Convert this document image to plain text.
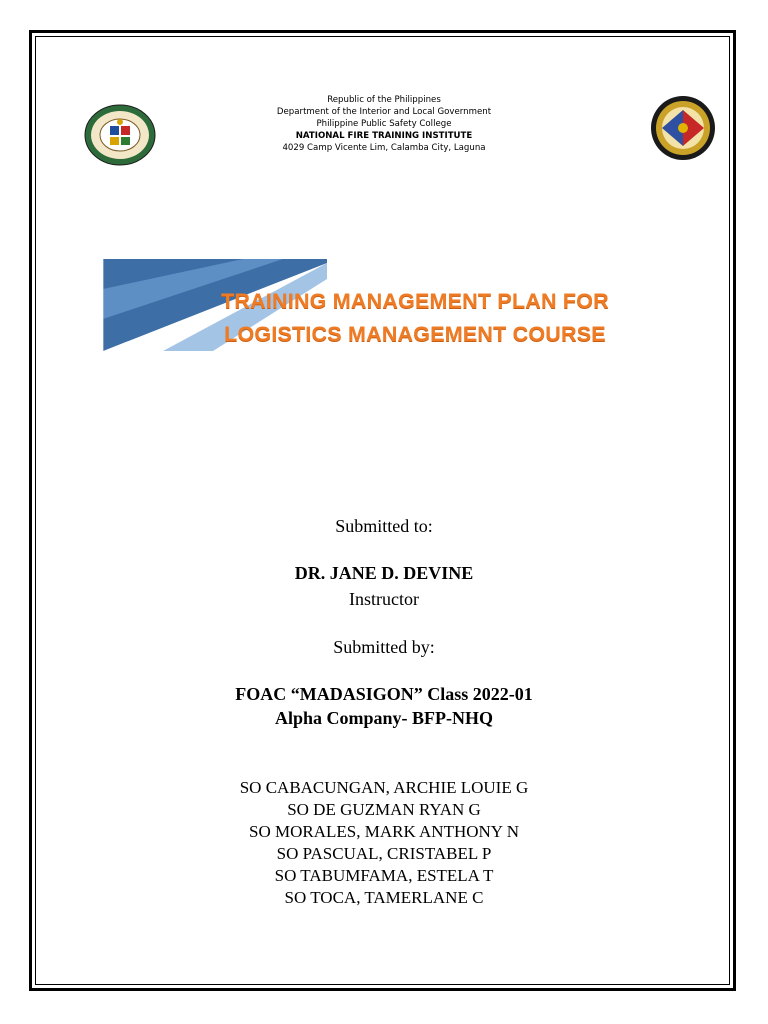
Republic of the Philippines
Department of the Interior and Local Government
Philippine Public Safety College
NATIONAL FIRE TRAINING INSTITUTE
4029 Camp Vicente Lim, Calamba City, Laguna
TRAINING MANAGEMENT PLAN FOR
LOGISTICS MANAGEMENT COURSE
Submitted to:
DR. JANE D. DEVINE
Instructor
Submitted by:
FOAC “MADASIGON” Class 2022-01
Alpha Company- BFP-NHQ
SO CABACUNGAN, ARCHIE LOUIE G
SO DE GUZMAN RYAN G
SO MORALES, MARK ANTHONY N
SO PASCUAL, CRISTABEL P
SO TABUMFAMA, ESTELA T
SO TOCA, TAMERLANE C
